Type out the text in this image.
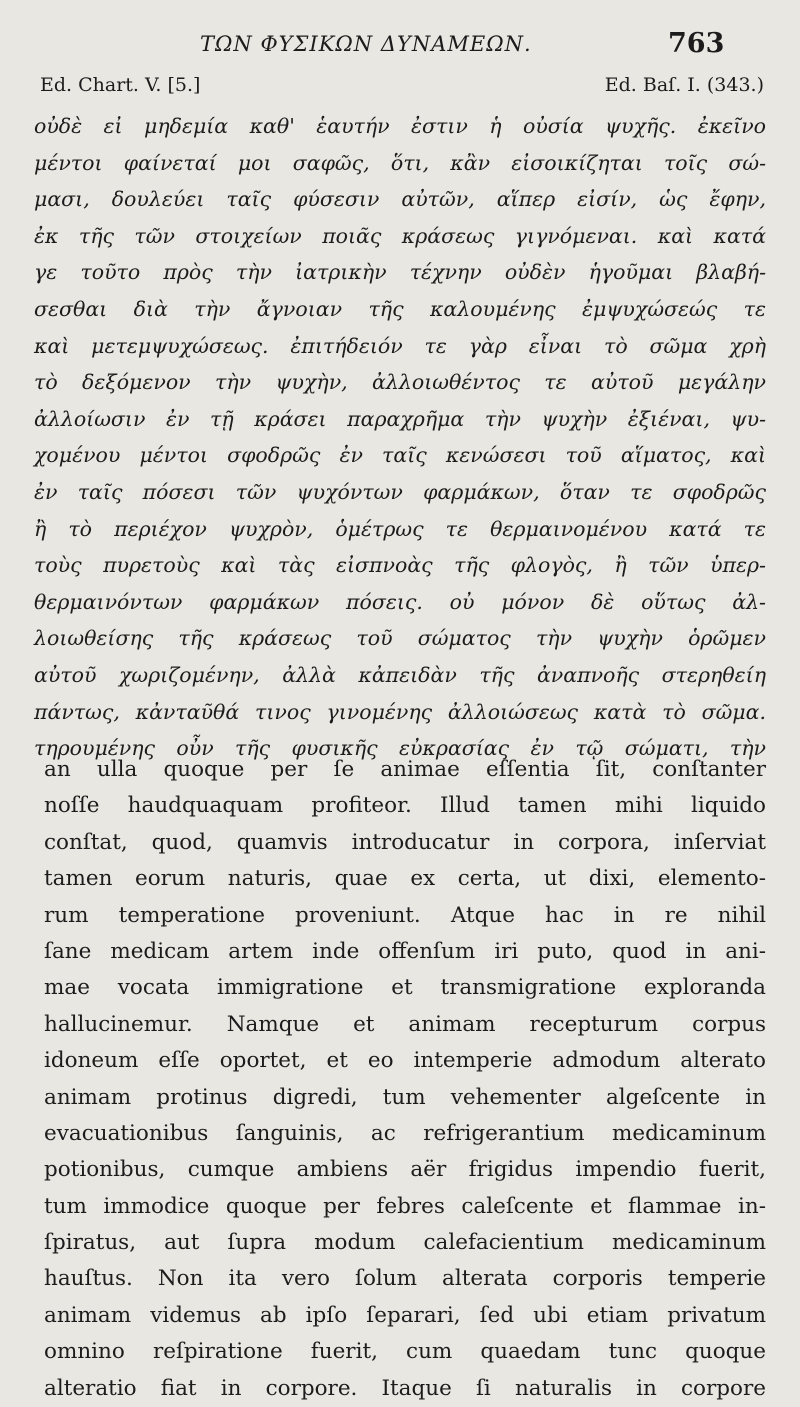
ΤΩΝ ΦΥΣΙΚΩΝ ΔΥΝΑΜΕΩΝ.	763
Ed. Chart. V. [5.]	Ed. Baſ. I. (343.)
οὐδὲ εἰ μηδεμία καθ' ἑαυτήν ἐστιν ἡ οὐσία ψυχῆς. ἐκεῖνο
μέντοι φαίνεταί μοι σαφῶς, ὅτι, κἂν εἰσοικίζηται τοῖς σώ-
μασι, δουλεύει ταῖς φύσεσιν αὐτῶν, αἵπερ εἰσίν, ὡς ἔφην,
ἐκ τῆς τῶν στοιχείων ποιᾶς κράσεως γιγνόμεναι. καὶ κατά
γε τοῦτο πρὸς τὴν ἰατρικὴν τέχνην οὐδὲν ἡγοῦμαι βλαβή-
σεσθαι διὰ τὴν ἄγνοιαν τῆς καλουμένης ἐμψυχώσεώς τε
καὶ μετεμψυχώσεως. ἐπιτήδειόν τε γὰρ εἶναι τὸ σῶμα χρὴ
τὸ δεξόμενον τὴν ψυχὴν, ἀλλοιωθέντος τε αὐτοῦ μεγάλην
ἀλλοίωσιν ἐν τῇ κράσει παραχρῆμα τὴν ψυχὴν ἐξιέναι, ψυ-
χομένου μέντοι σφοδρῶς ἐν ταῖς κενώσεσι τοῦ αἵματος, καὶ
ἐν ταῖς πόσεσι τῶν ψυχόντων φαρμάκων, ὅταν τε σφοδρῶς
ἢ τὸ περιέχον ψυχρὸν, ὁμέτρως τε θερμαινομένου κατά τε
τοὺς πυρετοὺς καὶ τὰς εἰσπνοὰς τῆς φλογὸς, ἢ τῶν ὑπερ-
θερμαινόντων φαρμάκων πόσεις. οὐ μόνον δὲ οὕτως ἀλ-
λοιωθείσης τῆς κράσεως τοῦ σώματος τὴν ψυχὴν ὁρῶμεν
αὐτοῦ χωριζομένην, ἀλλὰ κἀπειδὰν τῆς ἀναπνοῆς στερηθείη
πάντως, κἀνταῦθά τινος γινομένης ἀλλοιώσεως κατὰ τὸ σῶμα.
τηρουμένης οὖν τῆς φυσικῆς εὐκρασίας ἐν τῷ σώματι, τὴν
an ulla quoque per ſe animae eſſentia ſit, conſtanter
noſſe haudquaquam profiteor. Illud tamen mihi liquido
conſtat, quod, quamvis introducatur in corpora, inſerviat
tamen eorum naturis, quae ex certa, ut dixi, elemento-
rum temperatione proveniunt. Atque hac in re nihil
ſane medicam artem inde offenſum iri puto, quod in ani-
mae vocata immigratione et transmigratione exploranda
hallucinemur. Namque et animam recepturum corpus
idoneum eſſe oportet, et eo intemperie admodum alterato
animam protinus digredi, tum vehementer algeſcente in
evacuationibus ſanguinis, ac refrigerantium medicaminum
potionibus, cumque ambiens aër frigidus impendio fuerit,
tum immodice quoque per febres caleſcente et flammae in-
ſpiratus, aut ſupra modum calefacientium medicaminum
hauſtus. Non ita vero ſolum alterata corporis temperie
animam videmus ab ipſo ſeparari, ſed ubi etiam privatum
omnino reſpiratione fuerit, cum quaedam tunc quoque
alteratio fiat in corpore. Itaque ſi naturalis in corpore
